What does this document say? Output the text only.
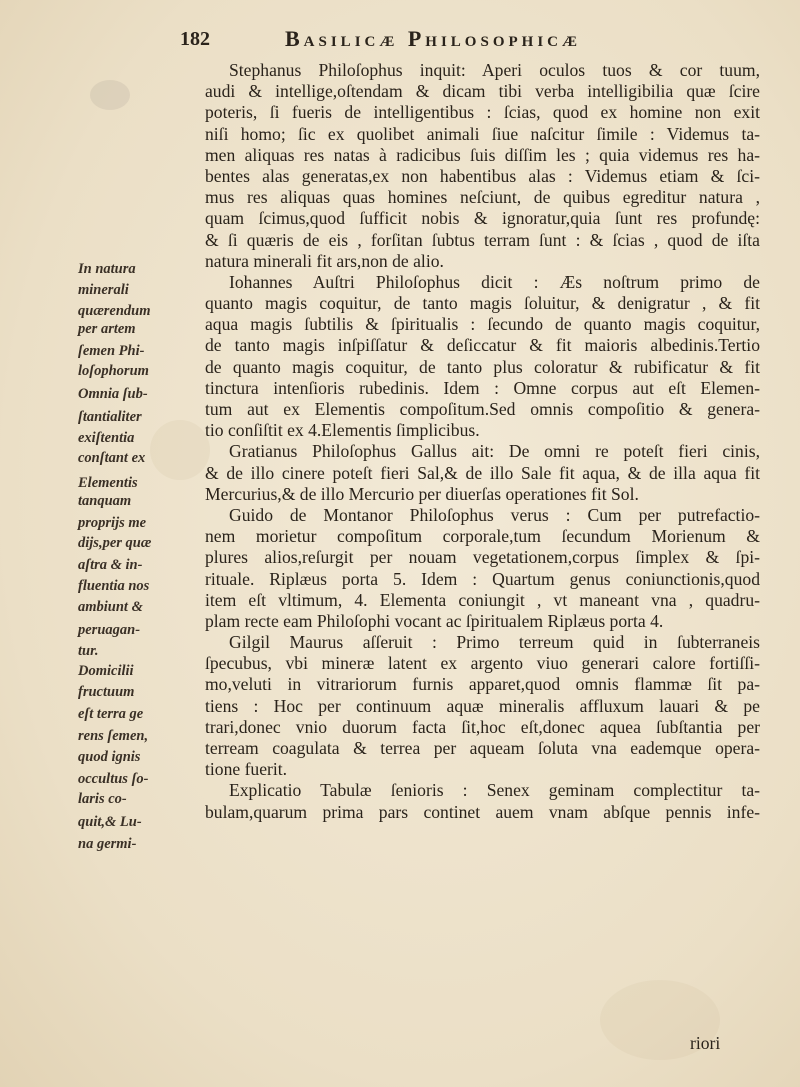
182	Basilicæ Philosophicæ
In natura
minerali
quærendum
per artem
ſemen Phi-
loſophorum
Omnia ſub-
ſtantialiter
exiſtentia
conſtant ex
Elementis
tanquam
proprijs me
dijs,per quæ
aſtra & in-
fluentia nos
ambiunt &
peruagan-
tur.
Domicilii
fructuum
eſt terra ge
rens ſemen,
quod ignis
occultus ſo-
laris co-
quit,& Lu-
na germi-
Stephanus Philoſophus inquit: Aperi oculos tuos & cor tuum,
audi & intellige,oſtendam & dicam tibi verba intelligibilia quæ ſcire
poteris, ſi fueris de intelligentibus : ſcias, quod ex homine non exit
niſi homo; ſic ex quolibet animali ſiue naſcitur ſimile : Videmus ta-
men aliquas res natas à radicibus ſuis diſſim les ; quia videmus res ha-
bentes alas generatas,ex non habentibus alas : Videmus etiam & ſci-
mus res aliquas quas homines neſciunt, de quibus egreditur natura ,
quam ſcimus,quod ſufficit nobis & ignoratur,quia ſunt res profundę:
& ſi quæris de eis , forſitan ſubtus terram ſunt : & ſcias , quod de iſta
natura minerali fit ars,non de alio.
Iohannes Auſtri Philoſophus dicit : Æs noſtrum primo de
quanto magis coquitur, de tanto magis ſoluitur, & denigratur , & fit
aqua magis ſubtilis & ſpiritualis : ſecundo de quanto magis coquitur,
de tanto magis inſpiſſatur & deſiccatur & fit maioris albedinis.Tertio
de quanto magis coquitur, de tanto plus coloratur & rubificatur & fit
tinctura intenſioris rubedinis. Idem : Omne corpus aut eſt Elemen-
tum aut ex Elementis compoſitum.Sed omnis compoſitio & genera-
tio conſiſtit ex 4.Elementis ſimplicibus.
Gratianus Philoſophus Gallus ait: De omni re poteſt fieri cinis,
& de illo cinere poteſt fieri Sal,& de illo Sale fit aqua, & de illa aqua fit
Mercurius,& de illo Mercurio per diuerſas operationes fit Sol.
Guido de Montanor Philoſophus verus : Cum per putrefactio-
nem morietur compoſitum corporale,tum ſecundum Morienum &
plures alios,reſurgit per nouam vegetationem,corpus ſimplex & ſpi-
rituale. Riplæus porta 5. Idem : Quartum genus coniunctionis,quod
item eſt vltimum, 4. Elementa coniungit , vt maneant vna , quadru-
plam recte eam Philoſophi vocant ac ſpiritualem Riplæus porta 4.
Gilgil Maurus aſſeruit : Primo terreum quid in ſubterraneis
ſpecubus, vbi mineræ latent ex argento viuo generari calore fortiſſi-
mo,veluti in vitrariorum furnis apparet,quod omnis flammæ ſit pa-
tiens : Hoc per continuum aquæ mineralis affluxum lauari & pe
trari,donec vnio duorum facta ſit,hoc eſt,donec aquea ſubſtantia per
terream coagulata & terrea per aqueam ſoluta vna eademque opera-
tione fuerit.
Explicatio Tabulæ ſenioris : Senex geminam complectitur ta-
bulam,quarum prima pars continet auem vnam abſque pennis infe-
riori
